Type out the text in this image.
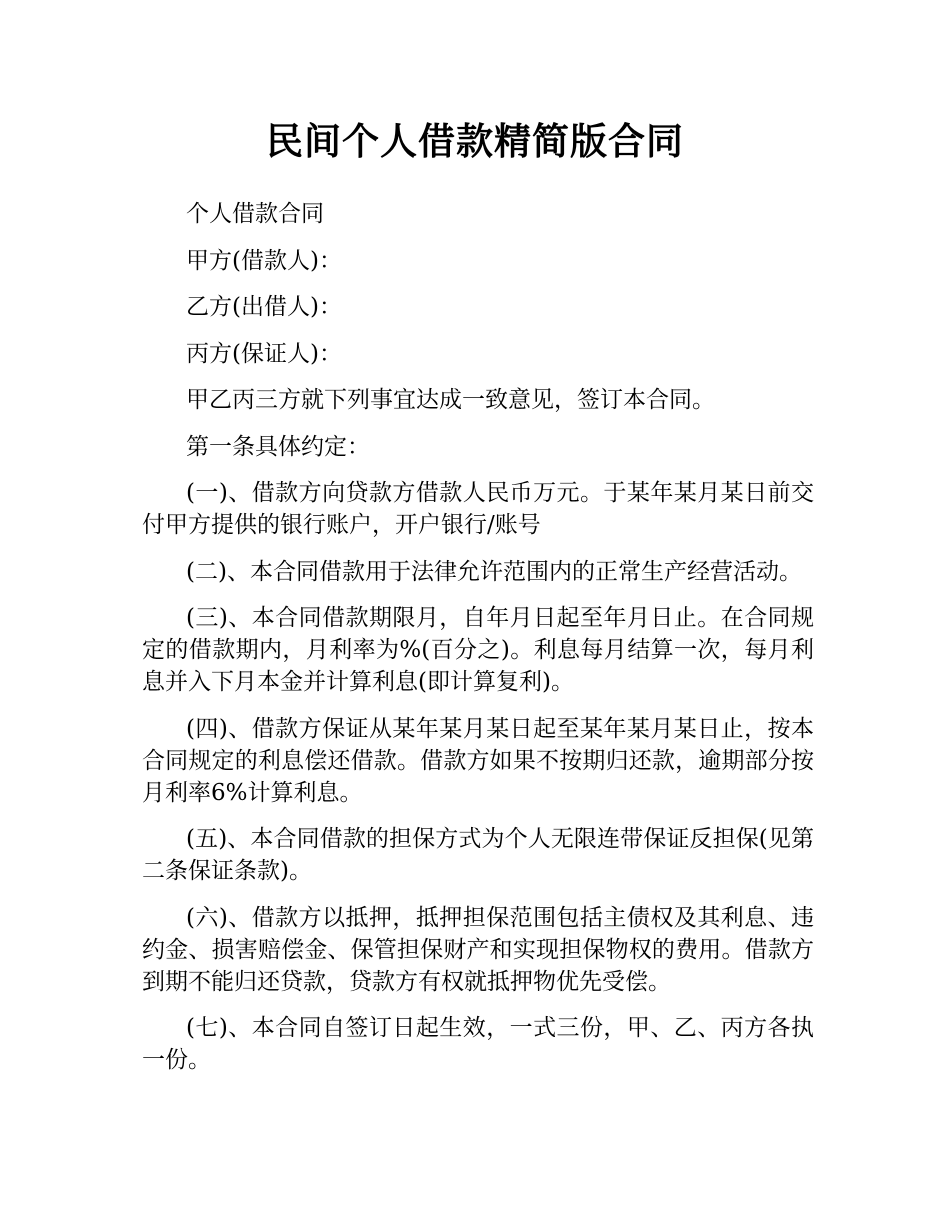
民间个人借款精简版合同

个人借款合同

甲方(借款人)：

乙方(出借人)：

丙方(保证人)：

甲乙丙三方就下列事宜达成一致意见，签订本合同。

第一条具体约定：

(一)、借款方向贷款方借款人民币万元。于某年某月某日前交付甲方提供的银行账户，开户银行/账号

(二)、本合同借款用于法律允许范围内的正常生产经营活动。

(三)、本合同借款期限月，自年月日起至年月日止。在合同规定的借款期内，月利率为%(百分之)。利息每月结算一次，每月利息并入下月本金并计算利息(即计算复利)。

(四)、借款方保证从某年某月某日起至某年某月某日止，按本合同规定的利息偿还借款。借款方如果不按期归还款，逾期部分按月利率6%计算利息。

(五)、本合同借款的担保方式为个人无限连带保证反担保(见第二条保证条款)。

(六)、借款方以抵押，抵押担保范围包括主债权及其利息、违约金、损害赔偿金、保管担保财产和实现担保物权的费用。借款方到期不能归还贷款，贷款方有权就抵押物优先受偿。

(七)、本合同自签订日起生效，一式三份，甲、乙、丙方各执一份。
